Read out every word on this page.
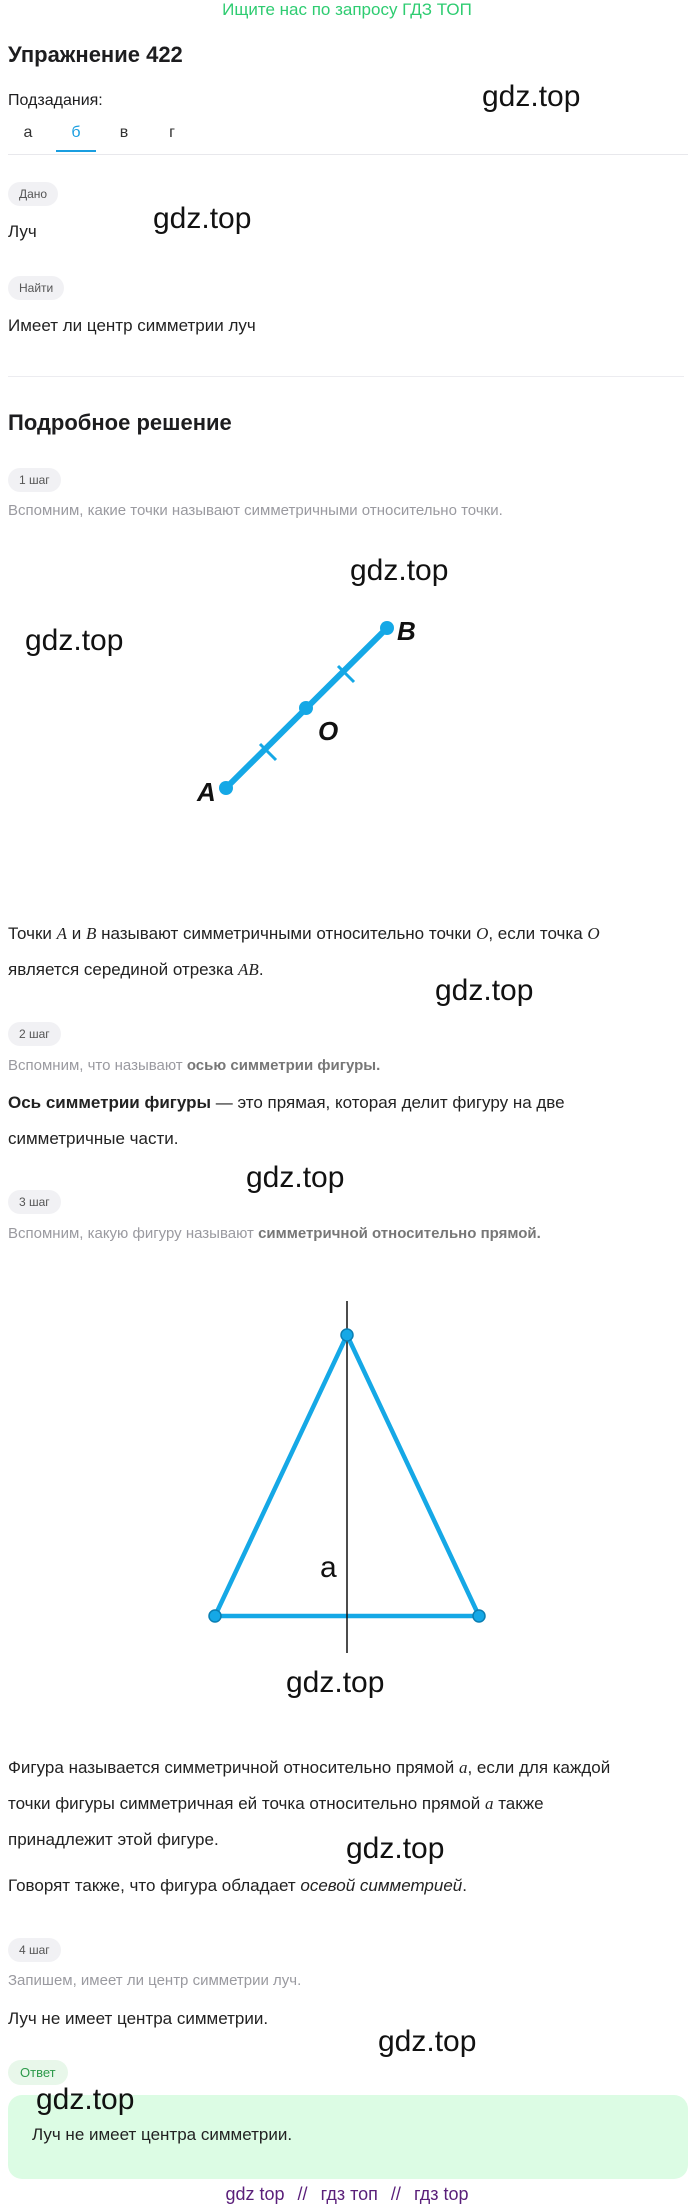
Ищите нас по запросу ГДЗ ТОП
Упражнение 422
Подзадания:
а	б	в	г
Дано
Луч
Найти
Имеет ли центр симметрии луч
Подробное решение
1 шаг
Вспомним, какие точки называют симметричными относительно точки.
A
O
B
Точки A и B называют симметричными относительно точки O, если точка O
является серединой отрезка AB.
2 шаг
Вспомним, что называют осью симметрии фигуры.
Ось симметрии фигуры — это прямая, которая делит фигуру на две
симметричные части.
3 шаг
Вспомним, какую фигуру называют симметричной относительно прямой.
a
Фигура называется симметричной относительно прямой a, если для каждой
точки фигуры симметричная ей точка относительно прямой a также
принадлежит этой фигуре.
Говорят также, что фигура обладает осевой симметрией.
4 шаг
Запишем, имеет ли центр симметрии луч.
Луч не имеет центра симметрии.
Ответ
Луч не имеет центра симметрии.
gdz.top
gdz.top
gdz.top
gdz.top
gdz.top
gdz.top
gdz.top
gdz.top
gdz.top
gdz.top
gdz top // гдз топ // гдз top
